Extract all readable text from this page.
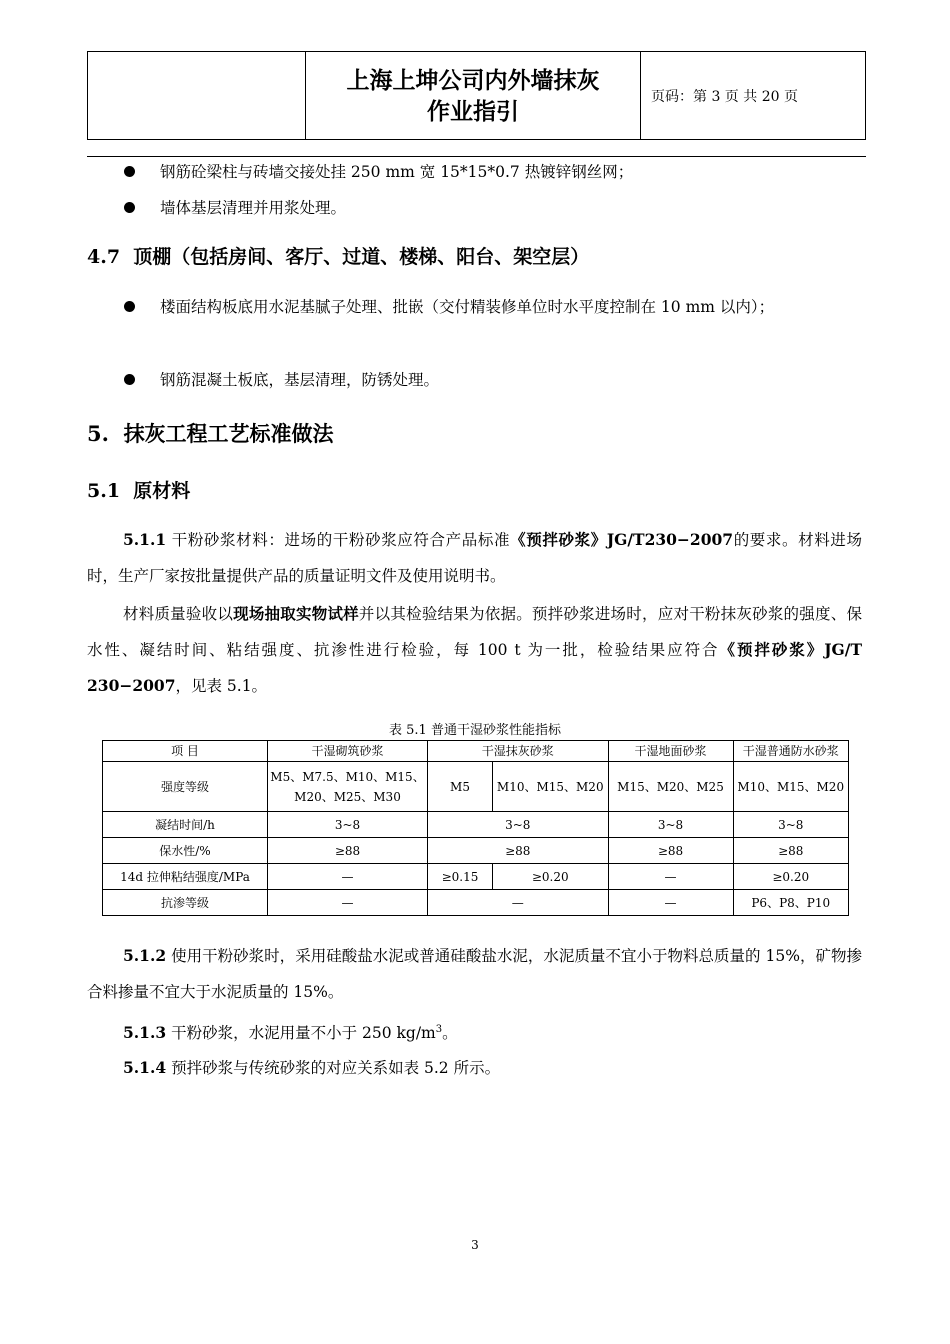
上海上坤公司内外墙抹灰
作业指引
	页码：第 3 页 共 20 页
钢筋砼梁柱与砖墙交接处挂 250 mm 宽 15*15*0.7 热镀锌钢丝网；
墙体基层清理并用浆处理。
4.7 顶棚（包括房间、客厅、过道、楼梯、阳台、架空层）
楼面结构板底用水泥基腻子处理、批嵌（交付精装修单位时水平度控制在 10 mm 以内）；
钢筋混凝土板底，基层清理，防锈处理。
5. 抹灰工程工艺标准做法
5.1 原材料
5.1.1 干粉砂浆材料：进场的干粉砂浆应符合产品标准《预拌砂浆》JG/T230−2007的要求。材料进场时，生产厂家按批量提供产品的质量证明文件及使用说明书。
材料质量验收以现场抽取实物试样并以其检验结果为依据。预拌砂浆进场时，应对干粉抹灰砂浆的强度、保水性、凝结时间、粘结强度、抗渗性进行检验，每 100 t 为一批，检验结果应符合《预拌砂浆》JG/T 230−2007，见表 5.1。
表 5.1 普通干湿砂浆性能指标
项 目	干湿砌筑砂浆	干湿抹灰砂浆		干湿地面砂浆	干湿普通防水砂浆
强度等级	M5、M7.5、M10、M15、M20、M25、M30	M5	M10、M15、M20	M15、M20、M25	M10、M15、M20
凝结时间/h	3~8	3~8		3~8	3~8
保水性/%	≥88	≥88		≥88	≥88
14d 拉伸粘结强度/MPa	—	≥0.15	≥0.20	—	≥0.20
抗渗等级	—	—		—	P6、P8、P10
5.1.2 使用干粉砂浆时，采用硅酸盐水泥或普通硅酸盐水泥，水泥质量不宜小于物料总质量的 15%，矿物掺合料掺量不宜大于水泥质量的 15%。
5.1.3 干粉砂浆，水泥用量不小于 250 $kg/m^3$。
5.1.4 预拌砂浆与传统砂浆的对应关系如表 5.2 所示。
3
